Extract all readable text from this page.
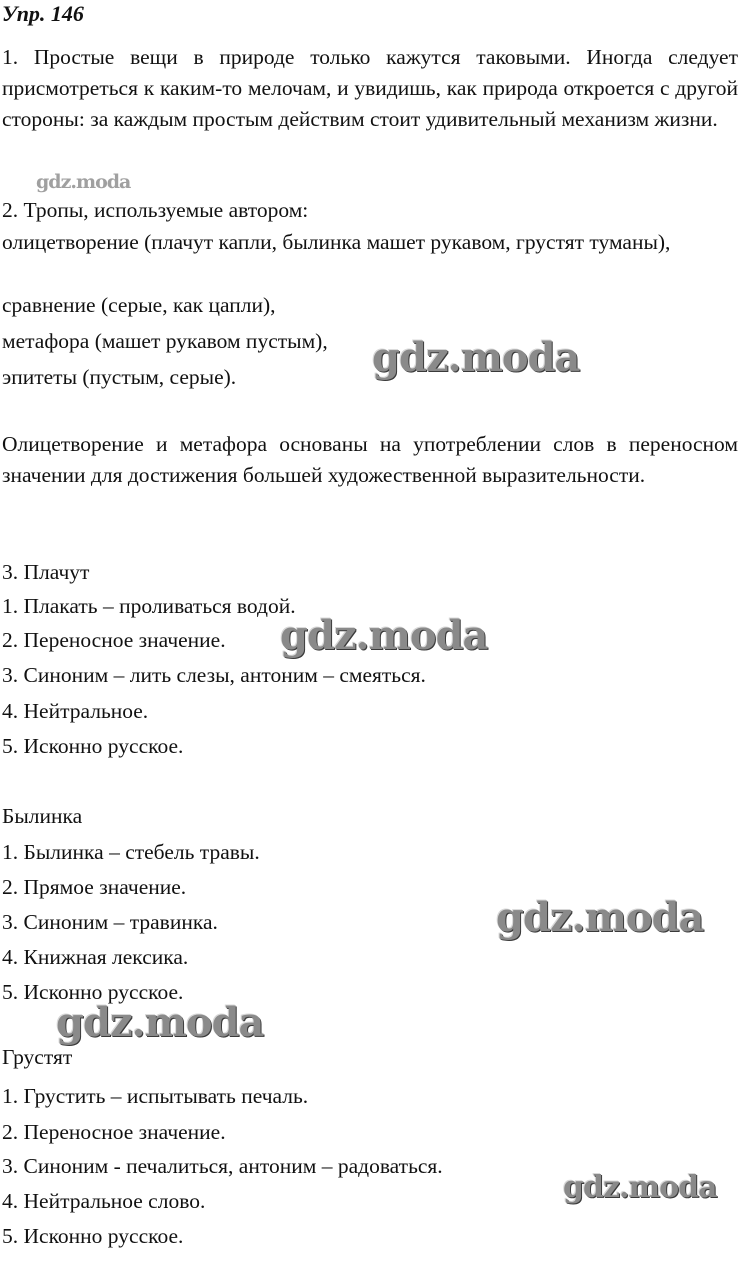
Упр. 146

1. Простые вещи в природе только кажутся таковыми. Иногда следует присмотреться к каким-то мелочам, и увидишь, как природа откроется с другой стороны: за каждым простым действим стоит удивительный механизм жизни.

gdz.moda

2. Тропы, используемые автором:

олицетворение (плачут капли, былинка машет рукавом, грустят туманы),

сравнение (серые, как цапли),

метафора (машет рукавом пустым),

эпитеты (пустым, серые).	gdz.moda

Олицетворение и метафора основаны на употреблении слов в переносном значении для достижения большей художественной выразительности.

3. Плачут

1. Плакать – проливаться водой.

2. Переносное значение.

3. Синоним – лить слезы, антоним – смеяться.

4. Нейтральное.

5. Исконно русское.

gdz.moda

Былинка

1. Былинка – стебель травы.

2. Прямое значение.

3. Синоним – травинка.

4. Книжная лексика.

5. Исконно русское.

gdz.moda

gdz.moda

Грустят

1. Грустить – испытывать печаль.

2. Переносное значение.

3. Синоним - печалиться, антоним – радоваться.

4. Нейтральное слово.

5. Исконно русское.

gdz.moda
